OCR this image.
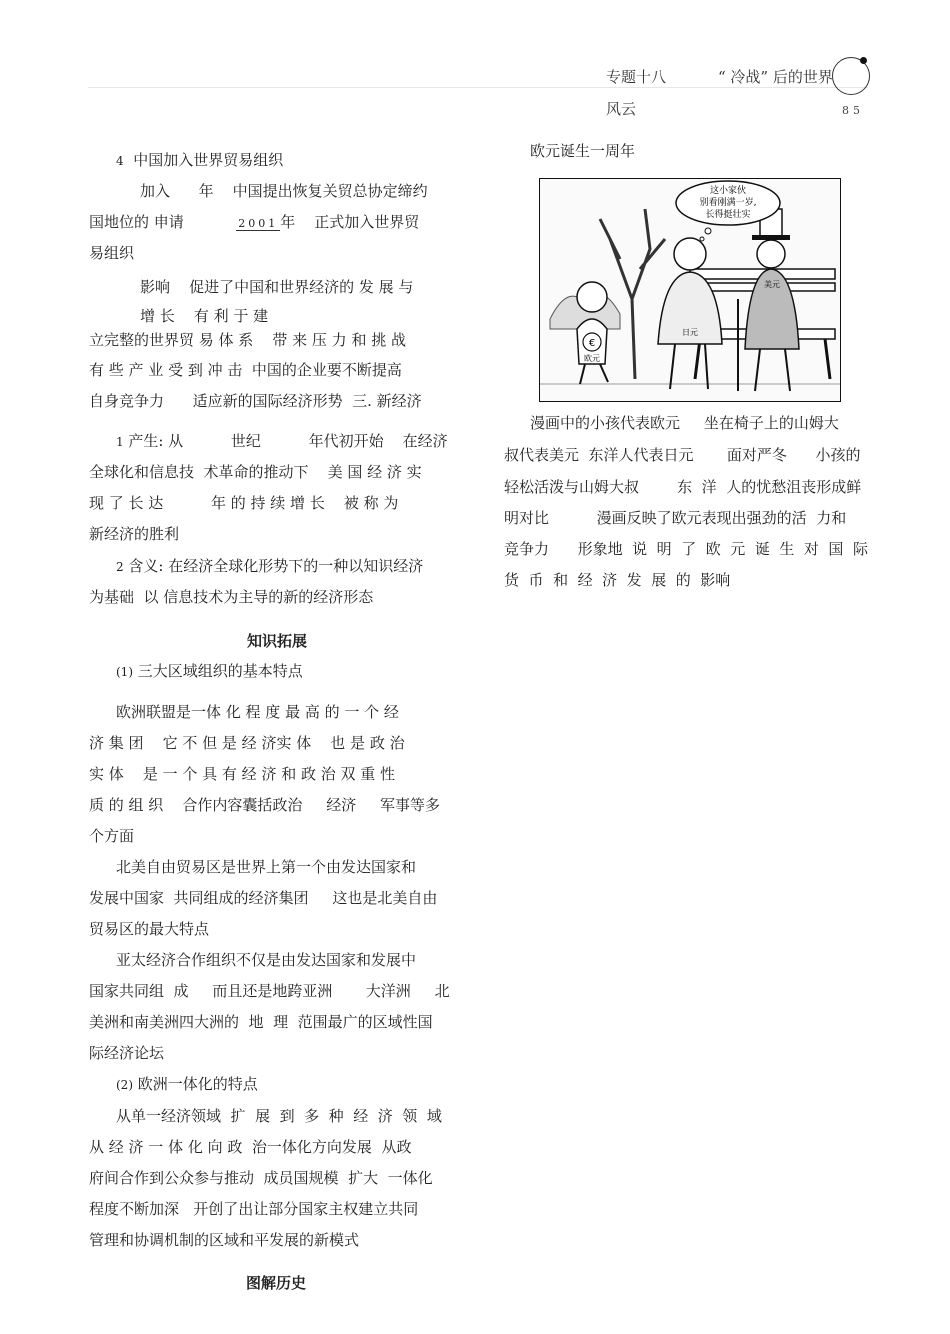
专题十八	“ 冷战” 后的世界
风云	85
4 中国加入世界贸易组织
加入      年    中国提出恢复关贸总协定缔约
国地位的 申请	2001 年    正式加入世界贸
易组织
影响    促进了中国和世界经济的 发 展 与
增 长    有 利 于 建
立完整的世界贸 易 体 系    带 来 压 力 和 挑 战
有 些 产 业 受 到 冲 击  中国的企业要不断提高
自身竞争力      适应新的国际经济形势  三. 新经济
1 产生: 从          世纪          年代初开始    在经济
全球化和信息技  术革命的推动下    美 国 经 济 实
现 了 长 达          年 的 持 续 增 长    被 称 为
新经济的胜利
2 含义: 在经济全球化形势下的一种以知识经济
为基础  以 信息技术为主导的新的经济形态
知识拓展
(1) 三大区域组织的基本特点
欧洲联盟是一体 化 程 度 最 高 的 一 个 经
济 集 团    它 不 但 是 经 济实 体    也 是 政 治
实 体    是 一 个 具 有 经 济 和 政 治 双 重 性
质 的 组 织    合作内容囊括政治     经济     军事等多
个方面
北美自由贸易区是世界上第一个由发达国家和
发展中国家  共同组成的经济集团     这也是北美自由
贸易区的最大特点
亚太经济合作组织不仅是由发达国家和发展中
国家共同组  成     而且还是地跨亚洲       大洋洲     北
美洲和南美洲四大洲的  地  理  范围最广的区域性国
际经济论坛
(2) 欧洲一体化的特点
从单一经济领域  扩  展  到  多  种  经  济  领  域
从 经 济 一 体 化 向 政  治一体化方向发展  从政
府间合作到公众参与推动  成员国规模  扩大  一体化
程度不断加深   开创了出让部分国家主权建立共同
管理和协调机制的区域和平发展的新模式
图解历史
欧元诞生一周年
这小家伙
别看刚满一岁,
长得挺壮实
€
欧元
日元
美元
漫画中的小孩代表欧元     坐在椅子上的山姆大
叔代表美元  东洋人代表日元       面对严冬      小孩的
轻松活泼与山姆大叔        东  洋  人的忧愁沮丧形成鲜
明对比          漫画反映了欧元表现出强劲的活  力和
竞争力      形象地  说  明  了  欧  元  诞  生  对  国  际
货  币  和  经  济  发  展  的  影响
